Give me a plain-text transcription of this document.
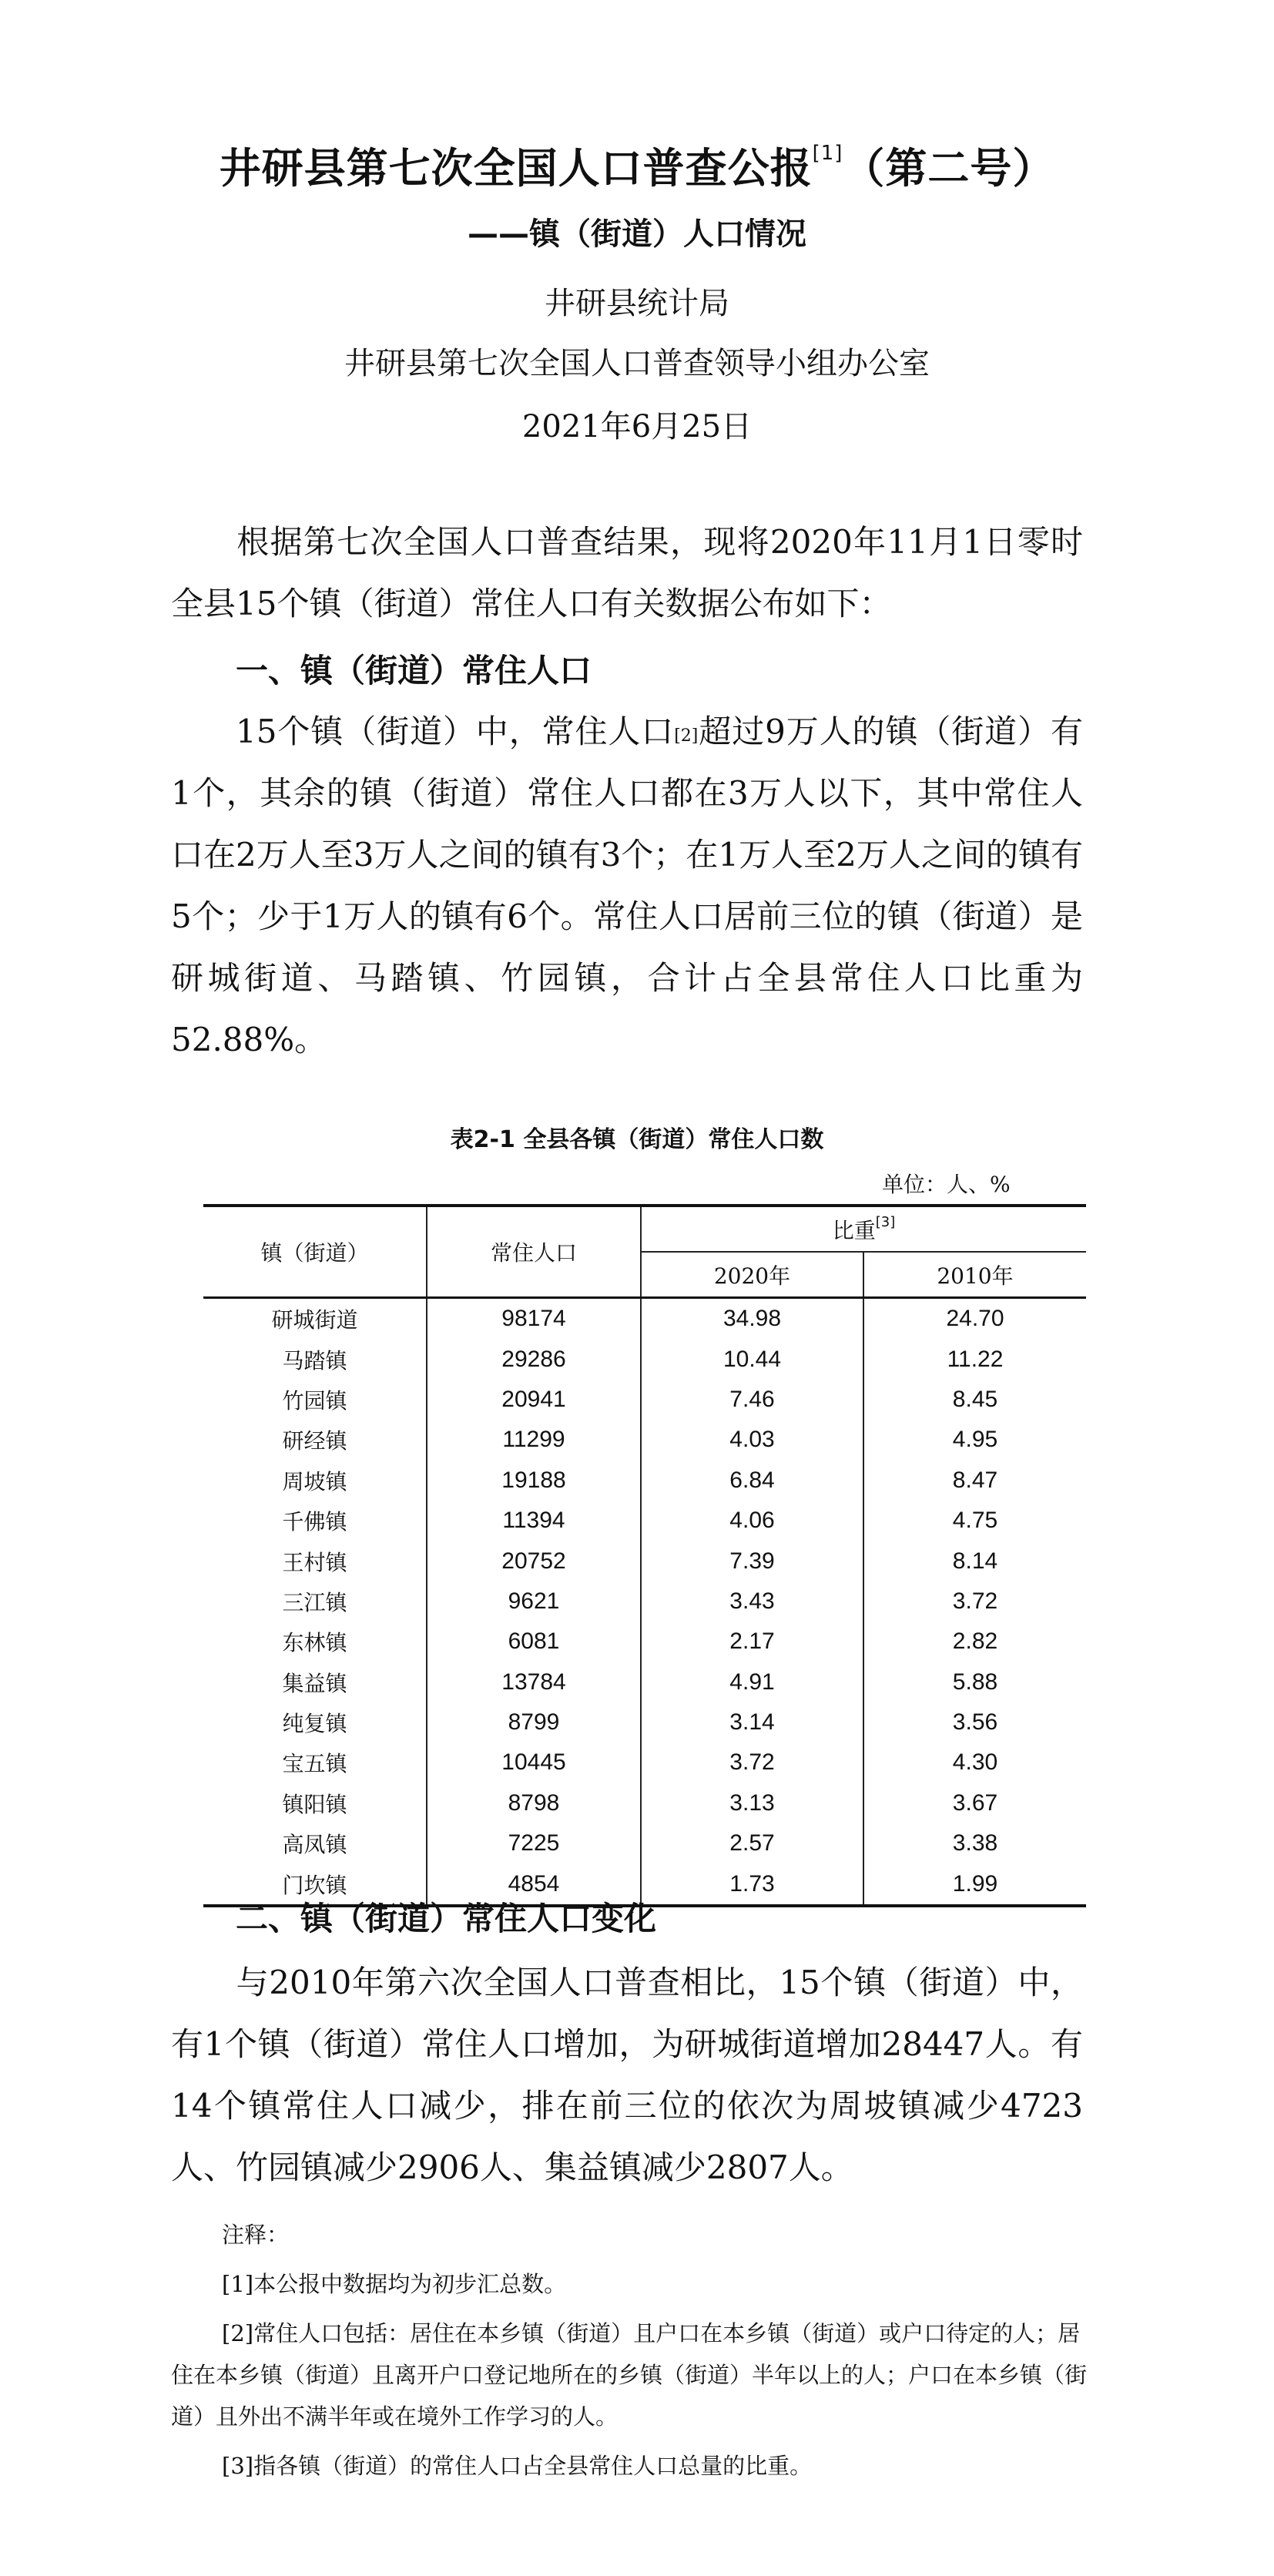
井研县第七次全国人口普查公报[1]（第二号）
——镇（街道）人口情况
井研县统计局
井研县第七次全国人口普查领导小组办公室
2021年6月25日
根据第七次全国人口普查结果，现将2020年11月1日零时全县15个镇（街道）常住人口有关数据公布如下：
一、镇（街道）常住人口
15个镇（街道）中，常住人口[2]超过9万人的镇（街道）有1个，其余的镇（街道）常住人口都在3万人以下，其中常住人口在2万人至3万人之间的镇有3个；在1万人至2万人之间的镇有5个；少于1万人的镇有6个。常住人口居前三位的镇（街道）是研城街道、马踏镇、竹园镇，合计占全县常住人口比重为52.88%。
表2-1 全县各镇（街道）常住人口数
单位：人、%
镇（街道）	常住人口	比重[3]
		2020年	2010年
研城街道	98174	34.98	24.70
马踏镇	29286	10.44	11.22
竹园镇	20941	7.46	8.45
研经镇	11299	4.03	4.95
周坡镇	19188	6.84	8.47
千佛镇	11394	4.06	4.75
王村镇	20752	7.39	8.14
三江镇	9621	3.43	3.72
东林镇	6081	2.17	2.82
集益镇	13784	4.91	5.88
纯复镇	8799	3.14	3.56
宝五镇	10445	3.72	4.30
镇阳镇	8798	3.13	3.67
高凤镇	7225	2.57	3.38
门坎镇	4854	1.73	1.99
二、镇（街道）常住人口变化
与2010年第六次全国人口普查相比，15个镇（街道）中，有1个镇（街道）常住人口增加，为研城街道增加28447人。有14个镇常住人口减少，排在前三位的依次为周坡镇减少4723人、竹园镇减少2906人、集益镇减少2807人。
注释：
[1]本公报中数据均为初步汇总数。
[2]常住人口包括：居住在本乡镇（街道）且户口在本乡镇（街道）或户口待定的人；居住在本乡镇（街道）且离开户口登记地所在的乡镇（街道）半年以上的人；户口在本乡镇（街道）且外出不满半年或在境外工作学习的人。
[3]指各镇（街道）的常住人口占全县常住人口总量的比重。
